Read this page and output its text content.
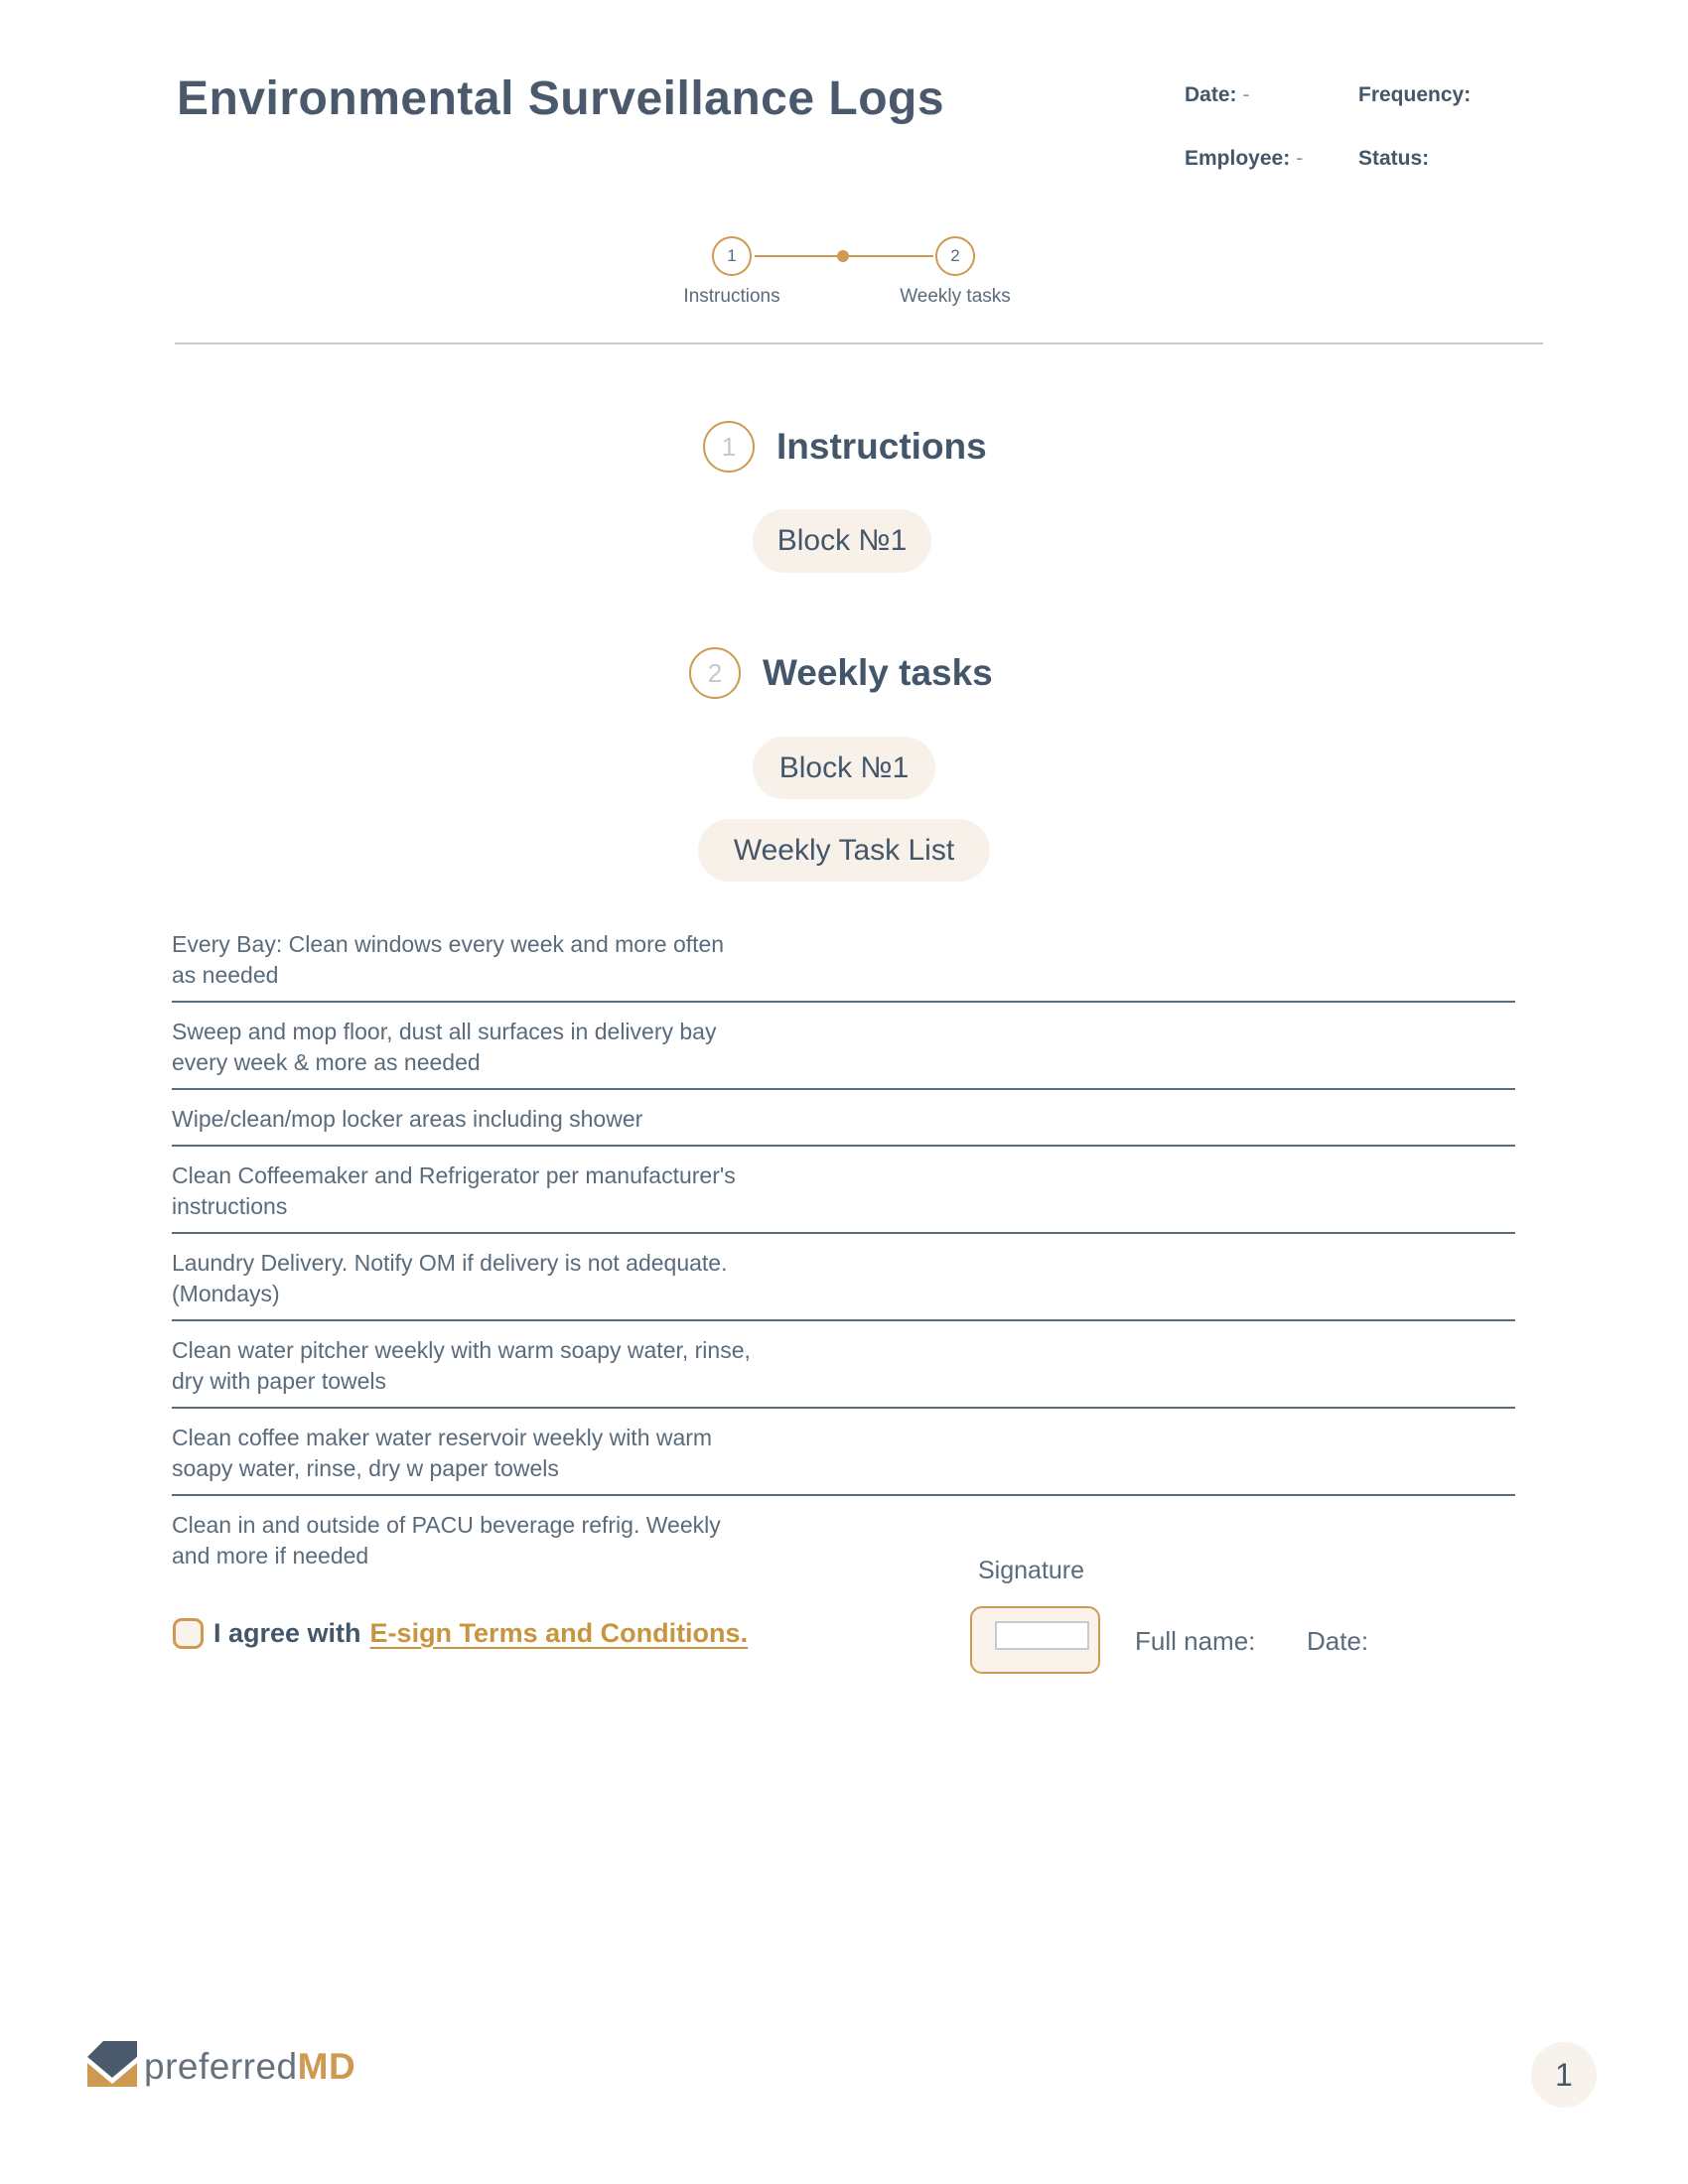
Environmental Surveillance Logs	Date: -	Frequency:
Employee: -	Status:
1	2
Instructions	Weekly tasks
1	Instructions
Block №1
2	Weekly tasks
Block №1
Weekly Task List

Every Bay: Clean windows every week and more often as needed

Sweep and mop floor, dust all surfaces in delivery bay every week & more as needed

Wipe/clean/mop locker areas including shower

Clean Coffeemaker and Refrigerator per manufacturer's instructions

Laundry Delivery. Notify OM if delivery is not adequate. (Mondays)

Clean water pitcher weekly with warm soapy water, rinse, dry with paper towels

Clean coffee maker water reservoir weekly with warm soapy water, rinse, dry w paper towels

Clean in and outside of PACU beverage refrig. Weekly and more if needed

I agree with E-sign Terms and Conditions.
Signature
Full name: Date:
preferredMD	1
